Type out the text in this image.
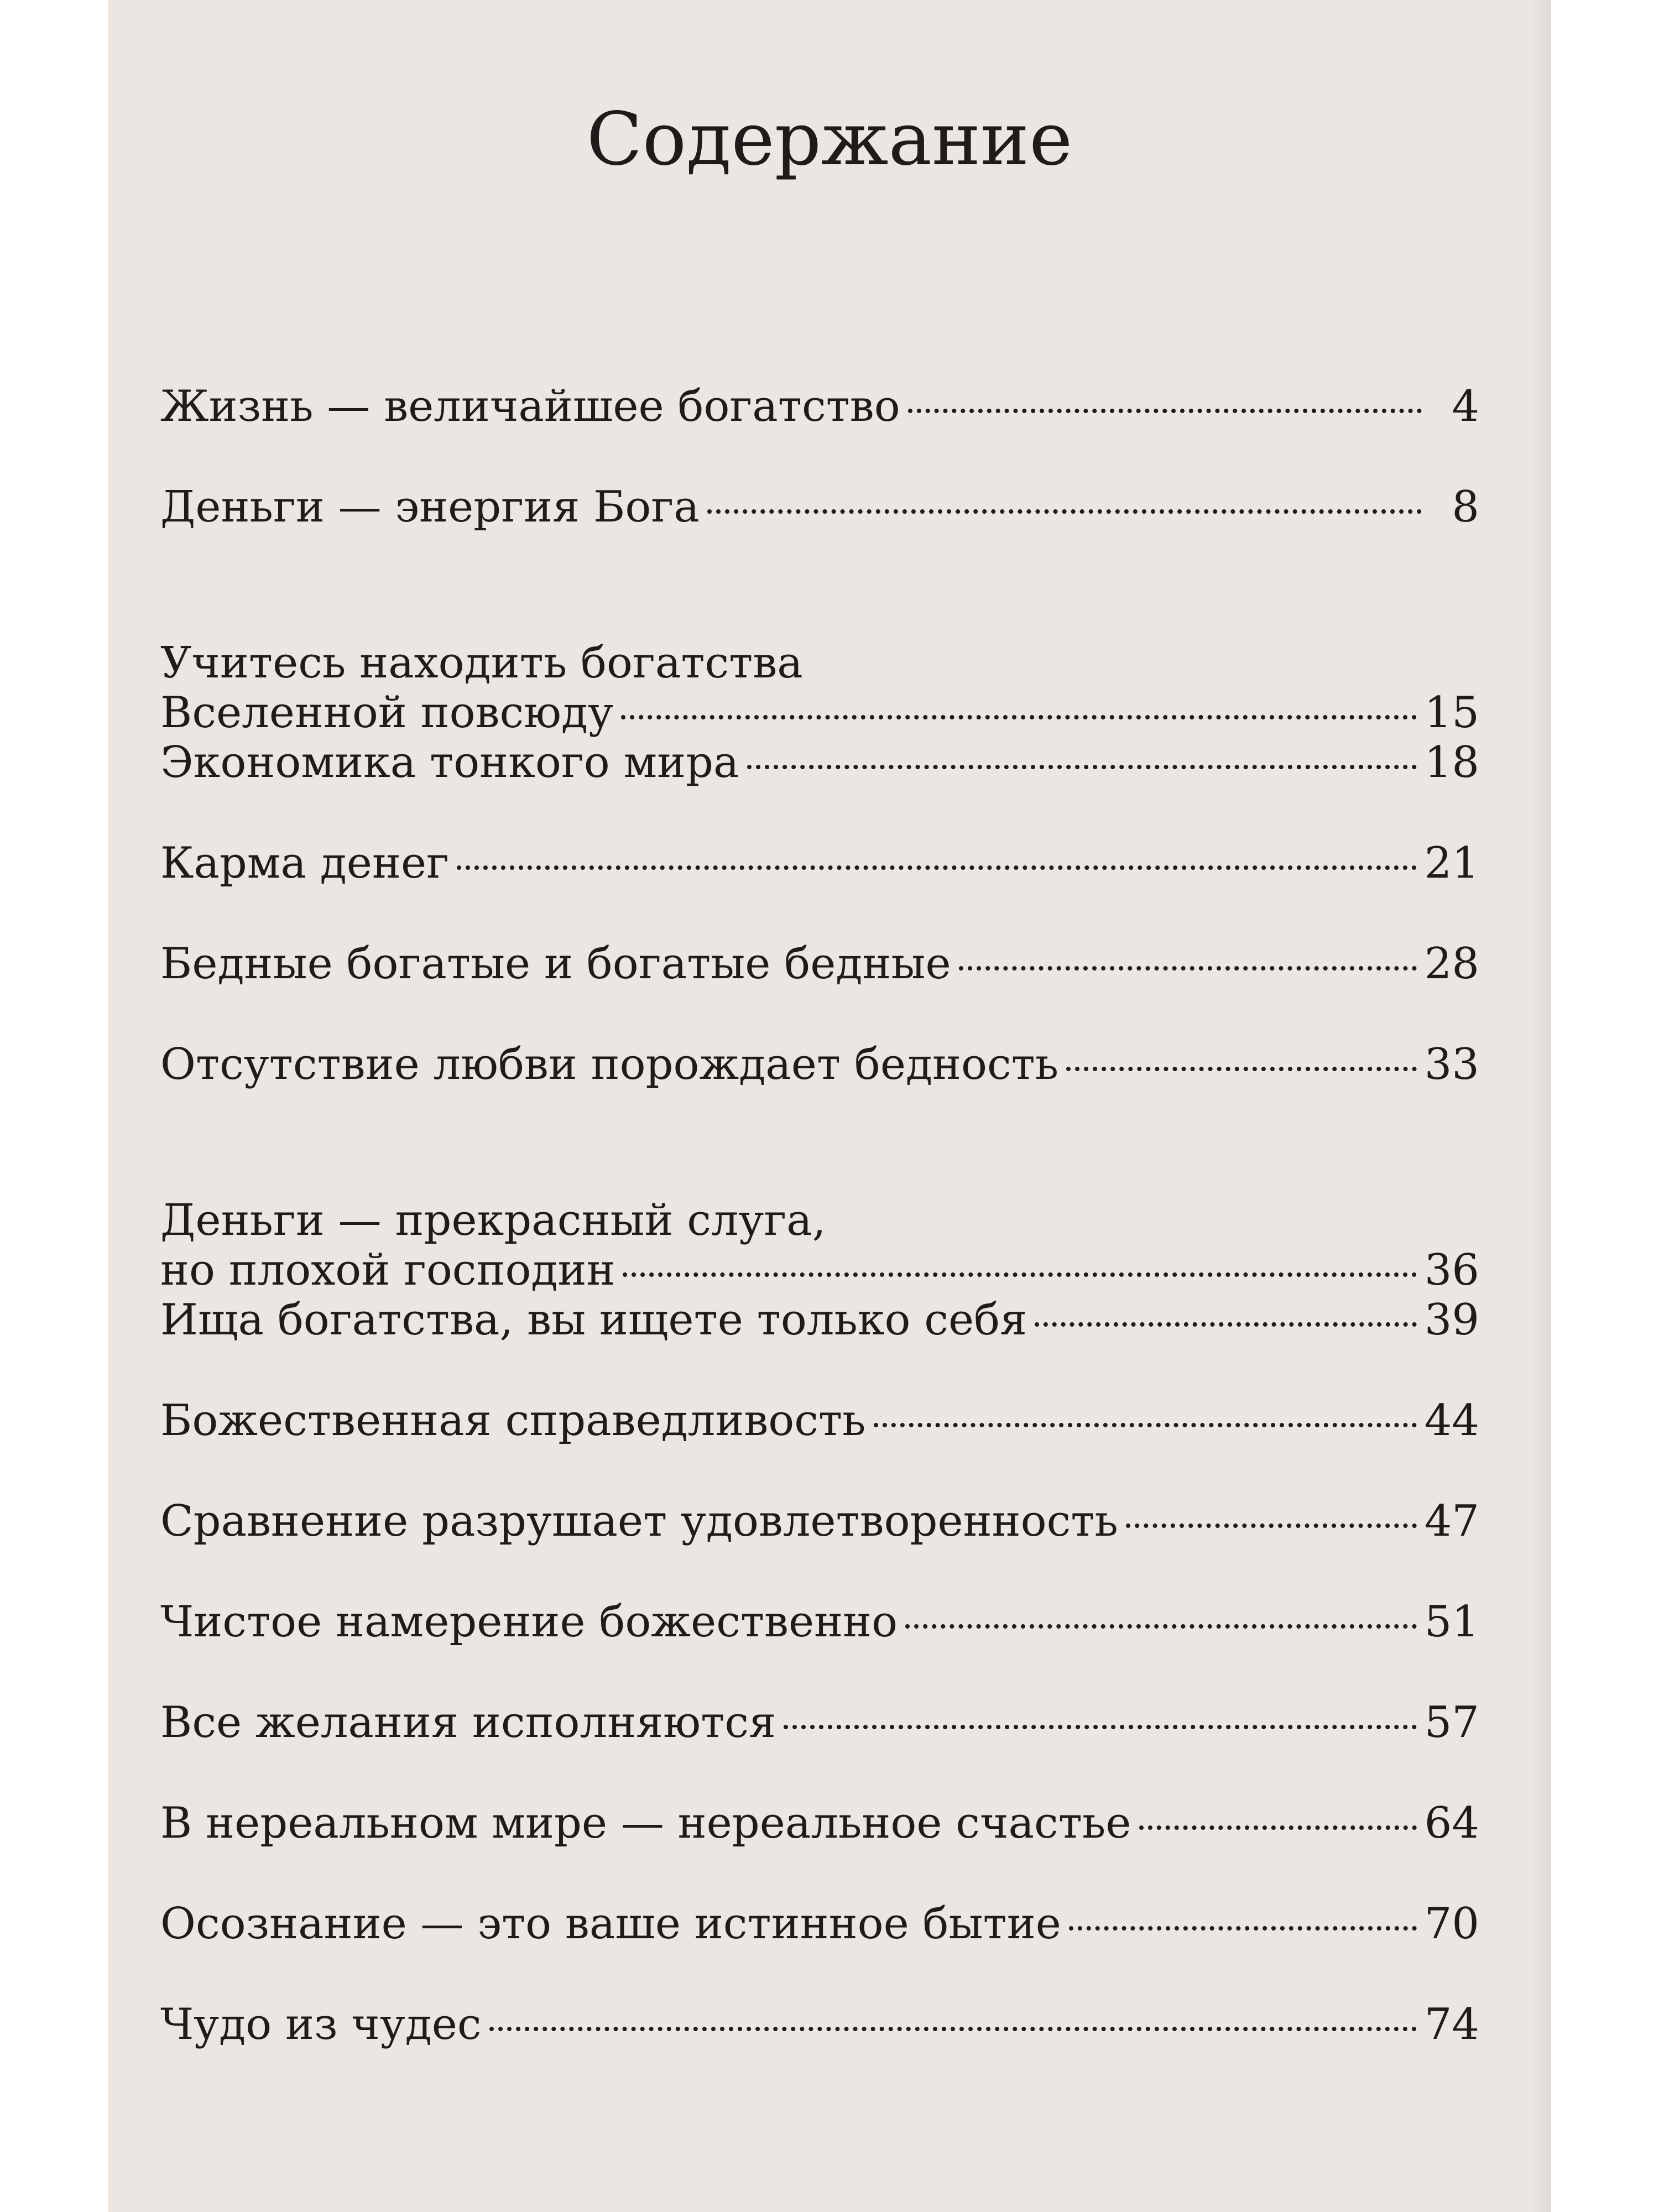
Содержание
Жизнь — величайшее богатство	4
Деньги — энергия Бога	8
Учитесь находить богатства
Вселенной повсюду	15
Экономика тонкого мира	18
Карма денег	21
Бедные богатые и богатые бедные	28
Отсутствие любви порождает бедность	33
Деньги — прекрасный слуга,
но плохой господин	36
Ища богатства, вы ищете только себя	39
Божественная справедливость	44
Сравнение разрушает удовлетворенность	47
Чистое намерение божественно	51
Все желания исполняются	57
В нереальном мире — нереальное счастье	64
Осознание — это ваше истинное бытие	70
Чудо из чудес	74
